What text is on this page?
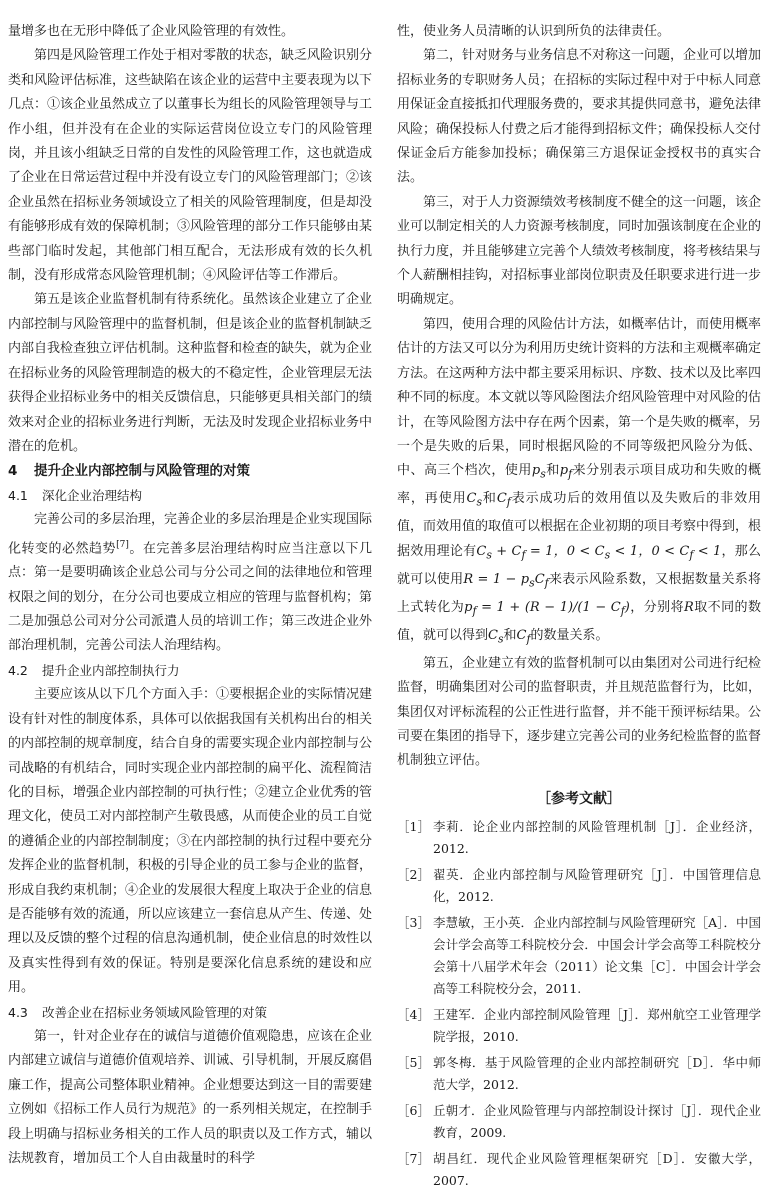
量增多也在无形中降低了企业风险管理的有效性。

第四是风险管理工作处于相对零散的状态，缺乏风险识别分类和风险评估标准，这些缺陷在该企业的运营中主要表现为以下几点：①该企业虽然成立了以董事长为组长的风险管理领导与工作小组，但并没有在企业的实际运营岗位设立专门的风险管理岗，并且该小组缺乏日常的自发性的风险管理工作，这也就造成了企业在日常运营过程中并没有设立专门的风险管理部门；②该企业虽然在招标业务领域设立了相关的风险管理制度，但是却没有能够形成有效的保障机制；③风险管理的部分工作只能够由某些部门临时发起，其他部门相互配合，无法形成有效的长久机制，没有形成常态风险管理机制；④风险评估等工作滞后。

第五是该企业监督机制有待系统化。虽然该企业建立了企业内部控制与风险管理中的监督机制，但是该企业的监督机制缺乏内部自我检查独立评估机制。这种监督和检查的缺失，就为企业在招标业务的风险管理制造的极大的不稳定性，企业管理层无法获得企业招标业务中的相关反馈信息，只能够更具相关部门的绩效来对企业的招标业务进行判断，无法及时发现企业招标业务中潜在的危机。

4 提升企业内部控制与风险管理的对策
4.1 深化企业治理结构

完善公司的多层治理，完善企业的多层治理是企业实现国际化转变的必然趋势[7]。在完善多层治理结构时应当注意以下几点：第一是要明确该企业总公司与分公司之间的法律地位和管理权限之间的划分，在分公司也要成立相应的管理与监督机构；第二是加强总公司对分公司派遣人员的培训工作；第三改进企业外部治理机制，完善公司法人治理结构。

4.2 提升企业内部控制执行力

主要应该从以下几个方面入手：①要根据企业的实际情况建设有针对性的制度体系，具体可以依据我国有关机构出台的相关的内部控制的规章制度，结合自身的需要实现企业内部控制与公司战略的有机结合，同时实现企业内部控制的扁平化、流程简洁化的目标，增强企业内部控制的可执行性；②建立企业优秀的管理文化，使员工对内部控制产生敬畏感，从而使企业的员工自觉的遵循企业的内部控制制度；③在内部控制的执行过程中要充分发挥企业的监督机制，积极的引导企业的员工参与企业的监督，形成自我约束机制；④企业的发展很大程度上取决于企业的信息是否能够有效的流通，所以应该建立一套信息从产生、传递、处理以及反馈的整个过程的信息沟通机制，使企业信息的时效性以及真实性得到有效的保证。特别是要深化信息系统的建设和应用。

4.3 改善企业在招标业务领域风险管理的对策

第一，针对企业存在的诚信与道德价值观隐患，应该在企业内部建立诚信与道德价值观培养、训诫、引导机制，开展反腐倡廉工作，提高公司整体职业精神。企业想要达到这一目的需要建立例如《招标工作人员行为规范》的一系列相关规定，在控制手段上明确与招标业务相关的工作人员的职责以及工作方式，辅以法规教育，增加员工个人自由裁量时的科学

性，使业务人员清晰的认识到所负的法律责任。

第二，针对财务与业务信息不对称这一问题，企业可以增加招标业务的专职财务人员；在招标的实际过程中对于中标人同意用保证金直接抵扣代理服务费的，要求其提供同意书，避免法律风险；确保投标人付费之后才能得到招标文件；确保投标人交付保证金后方能参加投标；确保第三方退保证金授权书的真实合法。

第三，对于人力资源绩效考核制度不健全的这一问题，该企业可以制定相关的人力资源考核制度，同时加强该制度在企业的执行力度，并且能够建立完善个人绩效考核制度，将考核结果与个人薪酬相挂钩，对招标事业部岗位职责及任职要求进行进一步明确规定。

第四，使用合理的风险估计方法，如概率估计，而使用概率估计的方法又可以分为利用历史统计资料的方法和主观概率确定方法。在这两种方法中都主要采用标识、序数、技术以及比率四种不同的标度。本文就以等风险图法介绍风险管理中对风险的估计，在等风险图方法中存在两个因素，第一个是失败的概率，另一个是失败的后果，同时根据风险的不同等级把风险分为低、中、高三个档次，使用$p_s$和$p_f$来分别表示项目成功和失败的概率，再使用$C_s$和$C_f$表示成功后的效用值以及失败后的非效用值，而效用值的取值可以根据在企业初期的项目考察中得到，根据效用理论有$C_s + C_f = 1$，$0 < C_s < 1$，$0 < C_f < 1$，那么就可以使用$R = 1 - p_sC_f$来表示风险系数，又根据数量关系将上式转化为$p_f = 1 + (R - 1)/(1 - C_f)$，分别将R取不同的数值，就可以得到$C_s$和$C_f$的数量关系。

第五，企业建立有效的监督机制可以由集团对公司进行纪检监督，明确集团对公司的监督职责，并且规范监督行为，比如，集团仅对评标流程的公正性进行监督，并不能干预评标结果。公司要在集团的指导下，逐步建立完善公司的业务纪检监督的监督机制独立评估。

［参考文献］
［1］ 李莉．论企业内部控制的风险管理机制［J］．企业经济，2012.
［2］ 翟英．企业内部控制与风险管理研究［J］．中国管理信息化，2012.
［3］ 李慧敏，王小英．企业内部控制与风险管理研究［A］．中国会计学会高等工科院校分会．中国会计学会高等工科院校分会第十八届学术年会（2011）论文集［C］．中国会计学会高等工科院校分会，2011.
［4］ 王建军．企业内部控制风险管理［J］．郑州航空工业管理学院学报，2010.
［5］ 郭冬梅．基于风险管理的企业内部控制研究［D］．华中师范大学，2012.
［6］ 丘朝才．企业风险管理与内部控制设计探讨［J］．现代企业教育，2009.
［7］ 胡昌红．现代企业风险管理框架研究［D］．安徽大学，2007.
